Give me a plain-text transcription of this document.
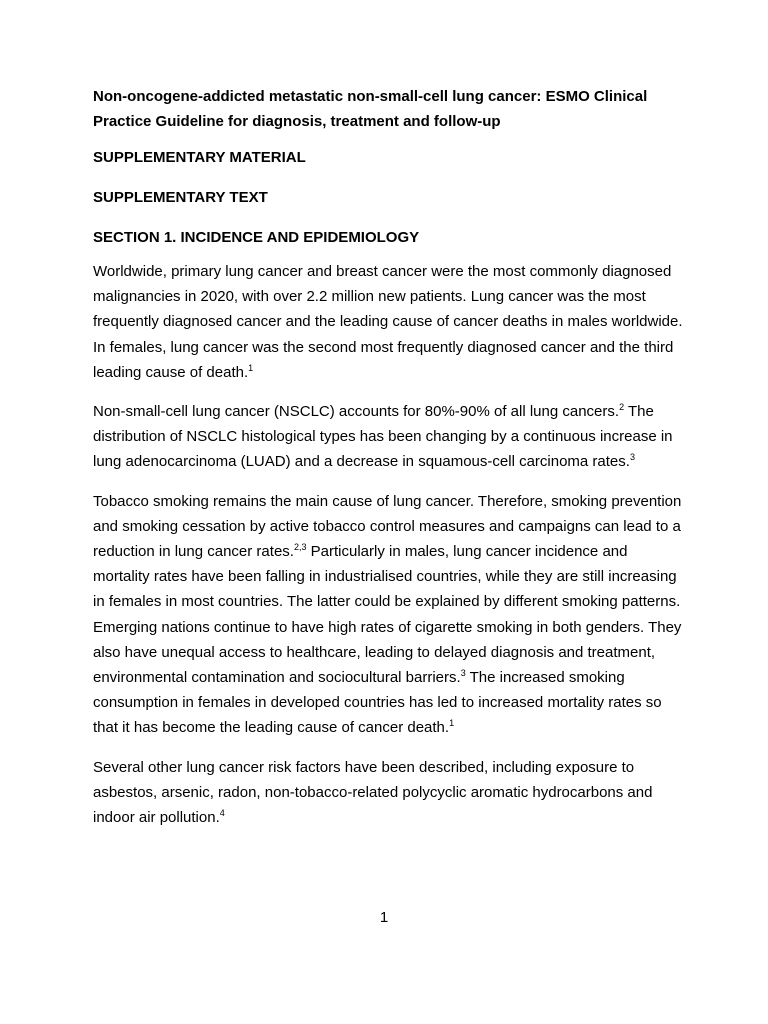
Non-oncogene-addicted metastatic non-small-cell lung cancer: ESMO Clinical Practice Guideline for diagnosis, treatment and follow-up
SUPPLEMENTARY MATERIAL
SUPPLEMENTARY TEXT
SECTION 1. INCIDENCE AND EPIDEMIOLOGY

Worldwide, primary lung cancer and breast cancer were the most commonly diagnosed malignancies in 2020, with over 2.2 million new patients. Lung cancer was the most frequently diagnosed cancer and the leading cause of cancer deaths in males worldwide. In females, lung cancer was the second most frequently diagnosed cancer and the third leading cause of death.$^1$

Non-small-cell lung cancer (NSCLC) accounts for 80%-90% of all lung cancers.$^2$ The distribution of NSCLC histological types has been changing by a continuous increase in lung adenocarcinoma (LUAD) and a decrease in squamous-cell carcinoma rates.$^3$

Tobacco smoking remains the main cause of lung cancer. Therefore, smoking prevention and smoking cessation by active tobacco control measures and campaigns can lead to a reduction in lung cancer rates.$^{2,3}$ Particularly in males, lung cancer incidence and mortality rates have been falling in industrialised countries, while they are still increasing in females in most countries. The latter could be explained by different smoking patterns. Emerging nations continue to have high rates of cigarette smoking in both genders. They also have unequal access to healthcare, leading to delayed diagnosis and treatment, environmental contamination and sociocultural barriers.$^3$ The increased smoking consumption in females in developed countries has led to increased mortality rates so that it has become the leading cause of cancer death.$^1$

Several other lung cancer risk factors have been described, including exposure to asbestos, arsenic, radon, non-tobacco-related polycyclic aromatic hydrocarbons and indoor air pollution.$^4$

1
